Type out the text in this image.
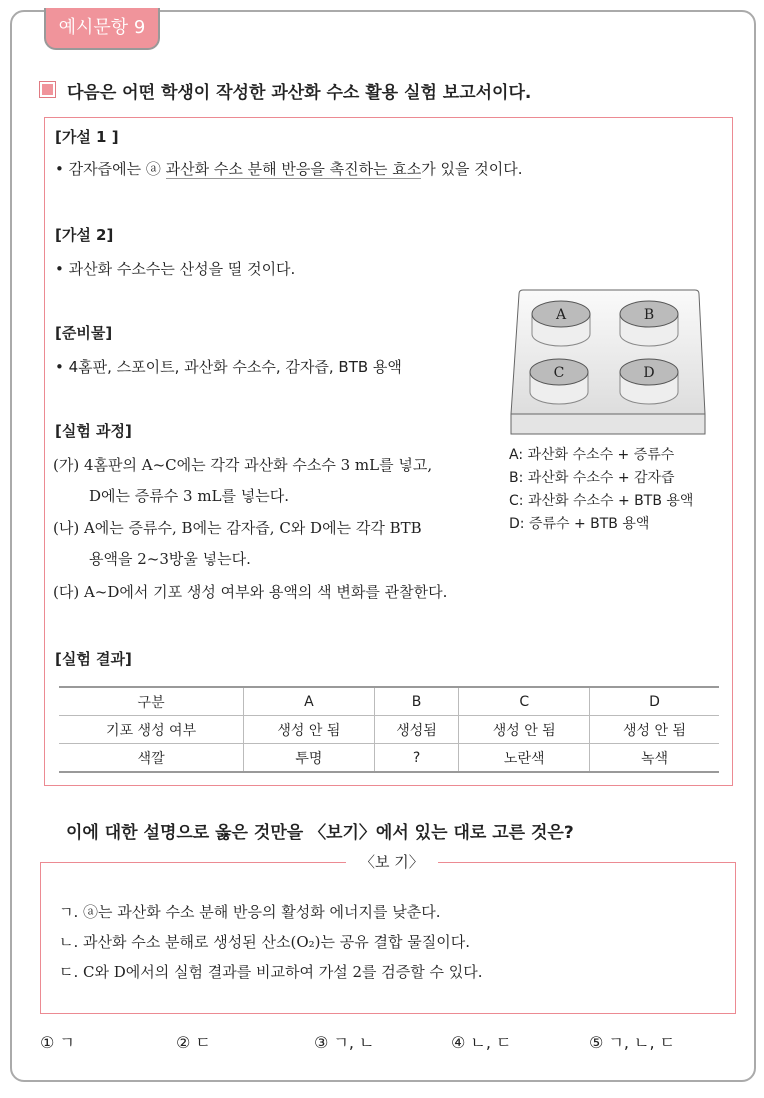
예시문항 9
다음은 어떤 학생이 작성한 과산화 수소 활용 실험 보고서이다.
[가설 1 ]
• 감자즙에는 ⓐ 과산화 수소 분해 반응을 촉진하는 효소가 있을 것이다.
[가설 2]
• 과산화 수소수는 산성을 띨 것이다.
[준비물]
• 4홈판, 스포이트, 과산화 수소수, 감자즙, BTB 용액
[실험 과정]
(가) 4홈판의 A~C에는 각각 과산화 수소수 3 mL를 넣고,
D에는 증류수 3 mL를 넣는다.
(나) A에는 증류수, B에는 감자즙, C와 D에는 각각 BTB
용액을 2~3방울 넣는다.
(다) A~D에서 기포 생성 여부와 용액의 색 변화를 관찰한다.
[실험 결과]
A	B
C	D
A: 과산화 수소수 + 증류수
B: 과산화 수소수 + 감자즙
C: 과산화 수소수 + BTB 용액
D: 증류수 + BTB 용액
구분	A	B	C	D
기포 생성 여부	생성 안 됨	생성됨	생성 안 됨	생성 안 됨
색깔	투명	?	노란색	녹색
이에 대한 설명으로 옳은 것만을 〈보기〉에서 있는 대로 고른 것은?
〈보 기〉
ㄱ. ⓐ는 과산화 수소 분해 반응의 활성화 에너지를 낮춘다.
ㄴ. 과산화 수소 분해로 생성된 산소(O₂)는 공유 결합 물질이다.
ㄷ. C와 D에서의 실험 결과를 비교하여 가설 2를 검증할 수 있다.
① ㄱ	② ㄷ	③ ㄱ, ㄴ	④ ㄴ, ㄷ	⑤ ㄱ, ㄴ, ㄷ
